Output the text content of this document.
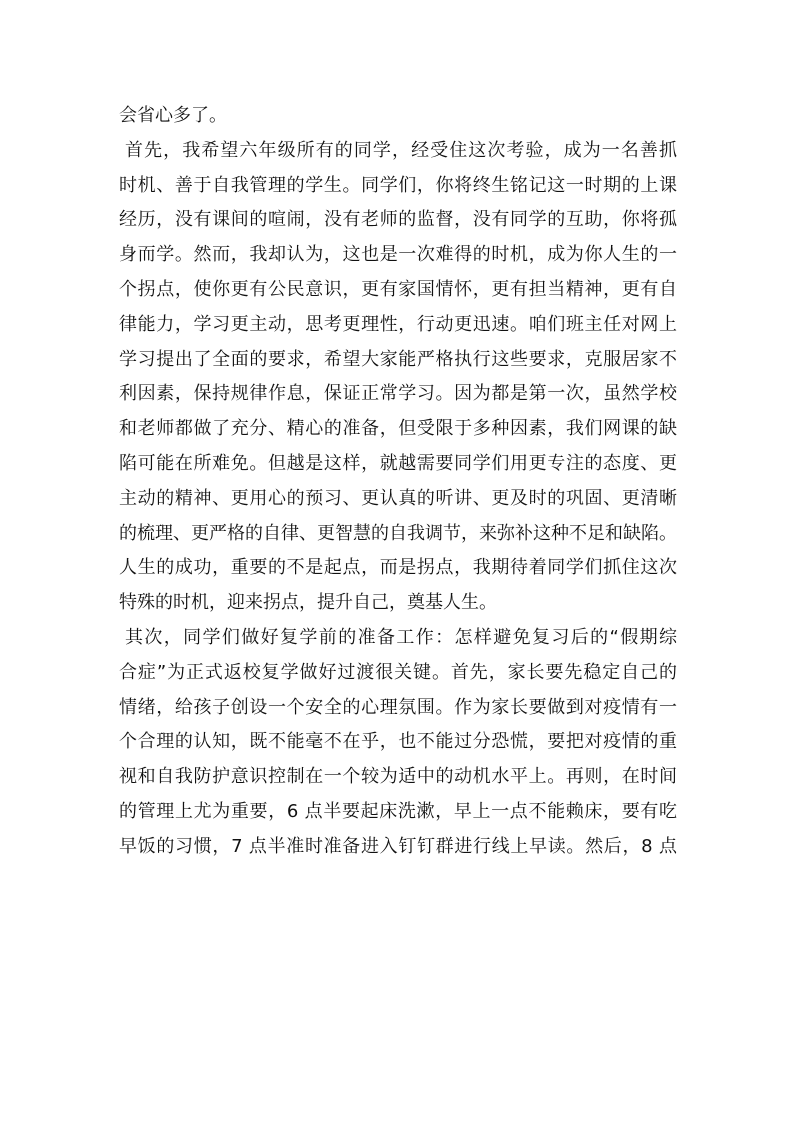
会省心多了。
首先，我希望六年级所有的同学，经受住这次考验，成为一名善抓
时机、善于自我管理的学生。同学们，你将终生铭记这一时期的上课
经历，没有课间的喧闹，没有老师的监督，没有同学的互助，你将孤
身而学。然而，我却认为，这也是一次难得的时机，成为你人生的一
个拐点，使你更有公民意识，更有家国情怀，更有担当精神，更有自
律能力，学习更主动，思考更理性，行动更迅速。咱们班主任对网上
学习提出了全面的要求，希望大家能严格执行这些要求，克服居家不
利因素，保持规律作息，保证正常学习。因为都是第一次，虽然学校
和老师都做了充分、精心的准备，但受限于多种因素，我们网课的缺
陷可能在所难免。但越是这样，就越需要同学们用更专注的态度、更
主动的精神、更用心的预习、更认真的听讲、更及时的巩固、更清晰
的梳理、更严格的自律、更智慧的自我调节，来弥补这种不足和缺陷。
人生的成功，重要的不是起点，而是拐点，我期待着同学们抓住这次
特殊的时机，迎来拐点，提升自己，奠基人生。
其次，同学们做好复学前的准备工作：怎样避免复习后的“假期综
合症”为正式返校复学做好过渡很关键。首先，家长要先稳定自己的
情绪，给孩子创设一个安全的心理氛围。作为家长要做到对疫情有一
个合理的认知，既不能毫不在乎，也不能过分恐慌，要把对疫情的重
视和自我防护意识控制在一个较为适中的动机水平上。再则，在时间
的管理上尤为重要，6 点半要起床洗漱，早上一点不能赖床，要有吃
早饭的习惯，7 点半准时准备进入钉钉群进行线上早读。然后，8 点
